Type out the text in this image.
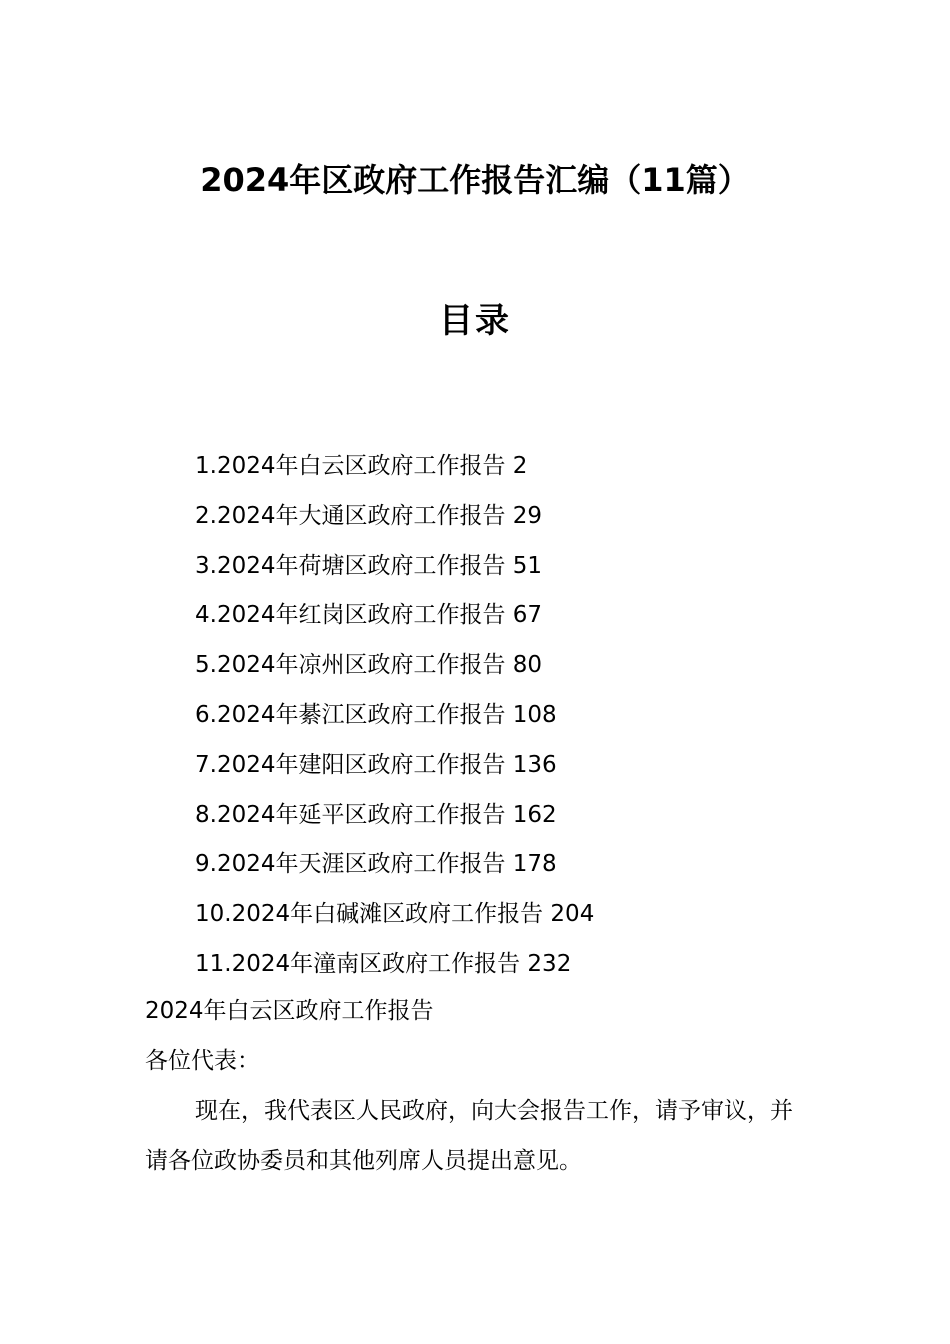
2024年区政府工作报告汇编（11篇）
目录
1.2024年白云区政府工作报告 2
2.2024年大通区政府工作报告 29
3.2024年荷塘区政府工作报告 51
4.2024年红岗区政府工作报告 67
5.2024年凉州区政府工作报告 80
6.2024年綦江区政府工作报告 108
7.2024年建阳区政府工作报告 136
8.2024年延平区政府工作报告 162
9.2024年天涯区政府工作报告 178
10.2024年白碱滩区政府工作报告 204
11.2024年潼南区政府工作报告 232

2024年白云区政府工作报告

各位代表：

现在，我代表区人民政府，向大会报告工作，请予审议，并请各位政协委员和其他列席人员提出意见。
